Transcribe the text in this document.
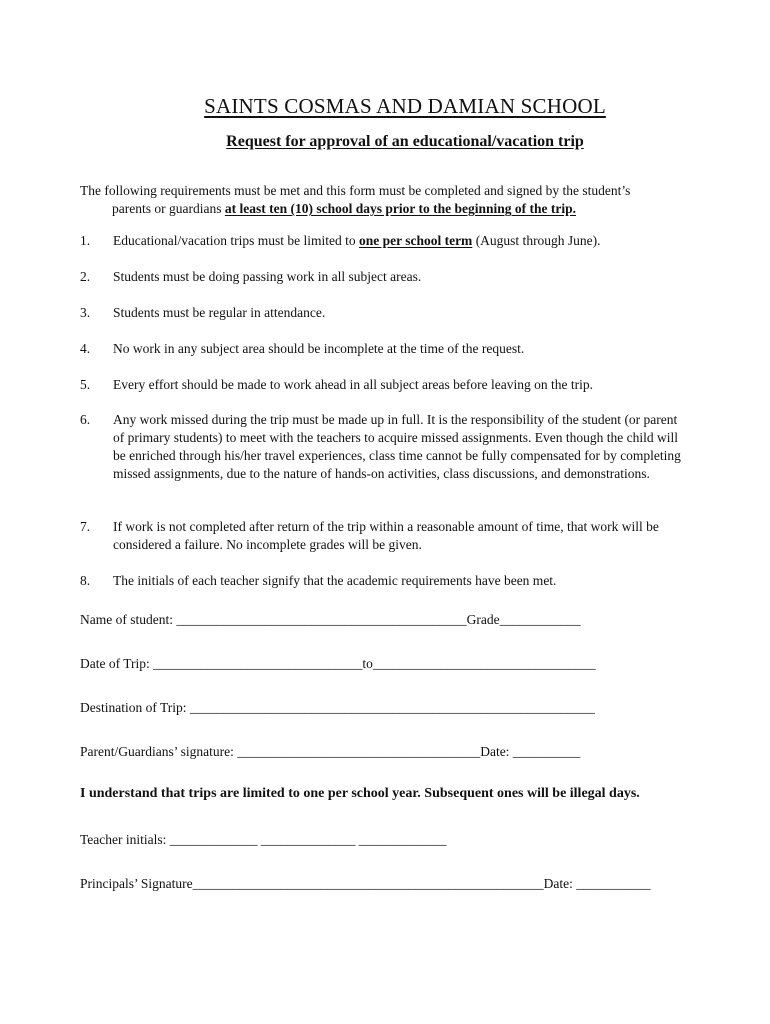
SAINTS COSMAS AND DAMIAN SCHOOL
Request for approval of an educational/vacation trip
The following requirements must be met and this form must be completed and signed by the student’s
parents or guardians at least ten (10) school days prior to the beginning of the trip.
1. Educational/vacation trips must be limited to one per school term (August through June).
2. Students must be doing passing work in all subject areas.
3. Students must be regular in attendance.
4. No work in any subject area should be incomplete at the time of the request.
5. Every effort should be made to work ahead in all subject areas before leaving on the trip.
6. Any work missed during the trip must be made up in full. It is the responsibility of the student (or parent of primary students) to meet with the teachers to acquire missed assignments. Even though the child will be enriched through his/her travel experiences, class time cannot be fully compensated for by completing missed assignments, due to the nature of hands-on activities, class discussions, and demonstrations.
7. If work is not completed after return of the trip within a reasonable amount of time, that work will be considered a failure. No incomplete grades will be given.
8. The initials of each teacher signify that the academic requirements have been met.
Name of student: ___________________________________________Grade____________
Date of Trip: _______________________________to_________________________________
Destination of Trip: ____________________________________________________________
Parent/Guardians’ signature: ____________________________________Date: __________
I understand that trips are limited to one per school year. Subsequent ones will be illegal days.
Teacher initials: _____________ ______________ _____________
Principals’ Signature____________________________________________________Date: ___________
